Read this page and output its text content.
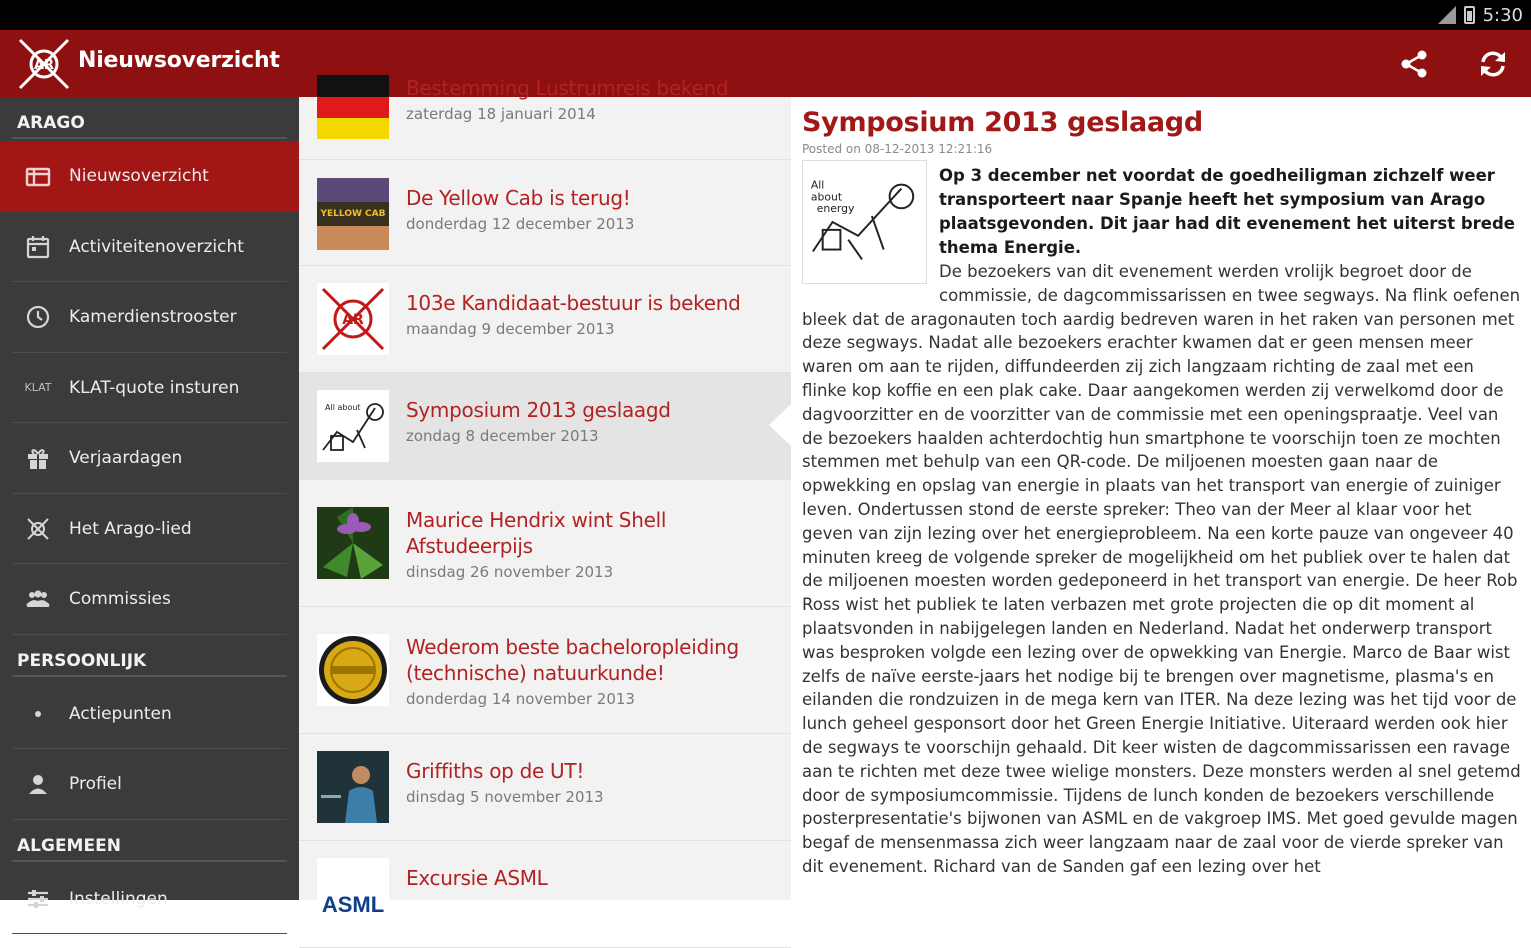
5:30
AR Nieuwsoverzicht
ARAGO
Nieuwsoverzicht
Activiteitenoverzicht
Kamerdienstrooster
KLAT KLAT-quote insturen
Verjaardagen
Het Arago-lied
Commissies
PERSOONLIJK
Actiepunten
Profiel
ALGEMEEN
Instellingen
Bestemming Lustrumreis bekend
zaterdag 18 januari 2014
YELLOW CAB
De Yellow Cab is terug!
donderdag 12 december 2013
AR
103e Kandidaat-bestuur is bekend
maandag 9 december 2013
All about Symposium 2013 geslaagd
zondag 8 december 2013
Maurice Hendrix wint Shell Afstudeerpijs
dinsdag 26 november 2013
Wederom beste bacheloropleiding (technische) natuurkunde!
donderdag 14 november 2013
Griffiths op de UT!
dinsdag 5 november 2013
ASML
Excursie ASML
Symposium 2013 geslaagd
Posted on 08-12-2013 12:21:16
All
about
energy
Op 3 december net voordat de goedheiligman zichzelf weer transporteert naar Spanje heeft het symposium van Arago plaatsgevonden. Dit jaar had dit evenement het uiterst brede thema Energie.
De bezoekers van dit evenement werden vrolijk begroet door de commissie, de dagcommissarissen en twee segways. Na flink oefenen bleek dat de aragonauten toch aardig bedreven waren in het raken van personen met deze segways. Nadat alle bezoekers erachter kwamen dat er geen mensen meer waren om aan te rijden, diffundeerden zij zich langzaam richting de zaal met een flinke kop koffie en een plak cake. Daar aangekomen werden zij verwelkomd door de dagvoorzitter en de voorzitter van de commissie met een openingspraatje. Veel van de bezoekers haalden achterdochtig hun smartphone te voorschijn toen ze mochten stemmen met behulp van een QR-code. De miljoenen moesten gaan naar de opwekking en opslag van energie in plaats van het transport van energie of zuiniger leven. Ondertussen stond de eerste spreker: Theo van der Meer al klaar voor het geven van zijn lezing over het energieprobleem. Na een korte pauze van ongeveer 40 minuten kreeg de volgende spreker de mogelijkheid om het publiek over te halen dat de miljoenen moesten worden gedeponeerd in het transport van energie. De heer Rob Ross wist het publiek te laten verbazen met grote projecten die op dit moment al plaatsvonden in nabijgelegen landen en Nederland. Nadat het onderwerp transport was besproken volgde een lezing over de opwekking van Energie. Marco de Baar wist zelfs de naïve eerste-jaars het nodige bij te brengen over magnetisme, plasma's en eilanden die rondzuizen in de mega kern van ITER. Na deze lezing was het tijd voor de lunch geheel gesponsort door het Green Energie Initiative. Uiteraard werden ook hier de segways te voorschijn gehaald. Dit keer wisten de dagcommissarissen een ravage aan te richten met deze twee wielige monsters. Deze monsters werden al snel getemd door de symposiumcommissie. Tijdens de lunch konden de bezoekers verschillende posterpresentatie's bijwonen van ASML en de vakgroep IMS. Met goed gevulde magen begaf de mensenmassa zich weer langzaam naar de zaal voor de vierde spreker van dit evenement. Richard van de Sanden gaf een lezing over het
